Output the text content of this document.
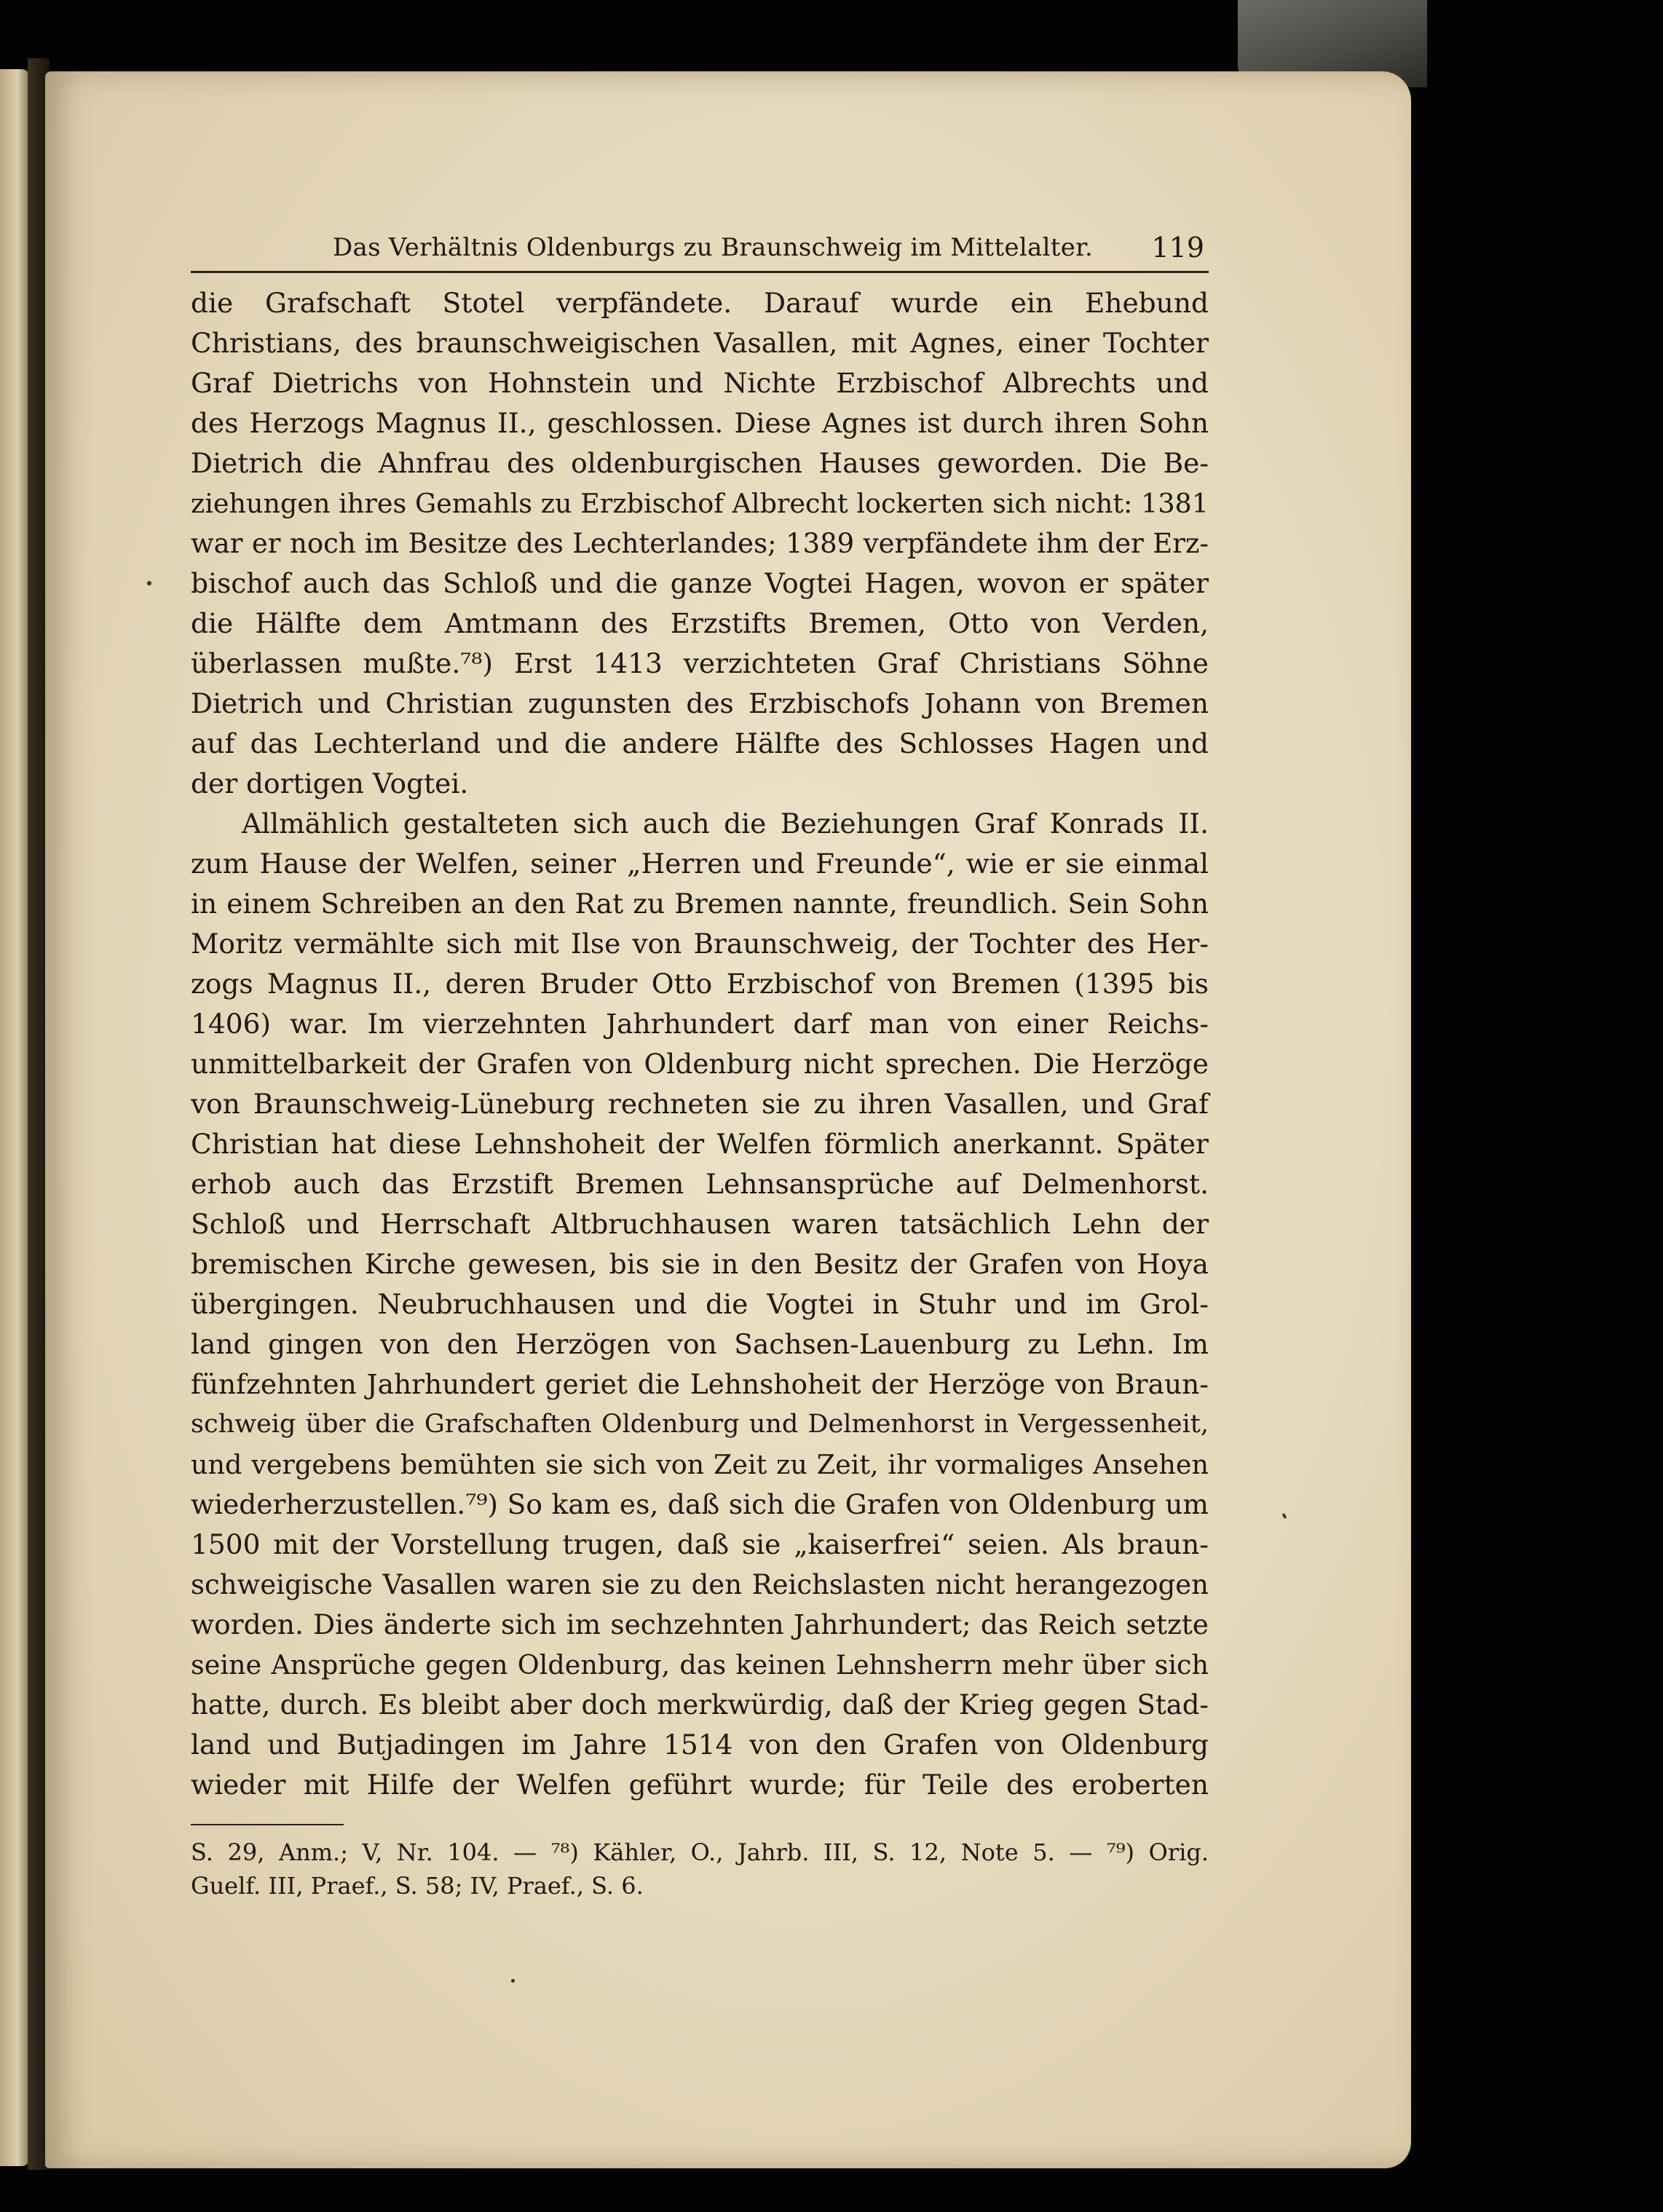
Das Verhältnis Oldenburgs zu Braunschweig im Mittelalter. 119
die Grafschaft Stotel verpfändete. Darauf wurde ein Ehebund
Christians, des braunschweigischen Vasallen, mit Agnes, einer Tochter
Graf Dietrichs von Hohnstein und Nichte Erzbischof Albrechts und
des Herzogs Magnus II., geschlossen. Diese Agnes ist durch ihren Sohn
Dietrich die Ahnfrau des oldenburgischen Hauses geworden. Die Be-
ziehungen ihres Gemahls zu Erzbischof Albrecht lockerten sich nicht: 1381
war er noch im Besitze des Lechterlandes; 1389 verpfändete ihm der Erz-
bischof auch das Schloß und die ganze Vogtei Hagen, wovon er später
die Hälfte dem Amtmann des Erzstifts Bremen, Otto von Verden,
überlassen mußte.⁷⁸) Erst 1413 verzichteten Graf Christians Söhne
Dietrich und Christian zugunsten des Erzbischofs Johann von Bremen
auf das Lechterland und die andere Hälfte des Schlosses Hagen und
der dortigen Vogtei.
Allmählich gestalteten sich auch die Beziehungen Graf Konrads II.
zum Hause der Welfen, seiner „Herren und Freunde“, wie er sie einmal
in einem Schreiben an den Rat zu Bremen nannte, freundlich. Sein Sohn
Moritz vermählte sich mit Ilse von Braunschweig, der Tochter des Her-
zogs Magnus II., deren Bruder Otto Erzbischof von Bremen (1395 bis
1406) war. Im vierzehnten Jahrhundert darf man von einer Reichs-
unmittelbarkeit der Grafen von Oldenburg nicht sprechen. Die Herzöge
von Braunschweig-Lüneburg rechneten sie zu ihren Vasallen, und Graf
Christian hat diese Lehnshoheit der Welfen förmlich anerkannt. Später
erhob auch das Erzstift Bremen Lehnsansprüche auf Delmenhorst.
Schloß und Herrschaft Altbruchhausen waren tatsächlich Lehn der
bremischen Kirche gewesen, bis sie in den Besitz der Grafen von Hoya
übergingen. Neubruchhausen und die Vogtei in Stuhr und im Grol-
land gingen von den Herzögen von Sachsen-Lauenburg zu Lehn. Im
fünfzehnten Jahrhundert geriet die Lehnshoheit der Herzöge von Braun-
schweig über die Grafschaften Oldenburg und Delmenhorst in Vergessenheit,
und vergebens bemühten sie sich von Zeit zu Zeit, ihr vormaliges Ansehen
wiederherzustellen.⁷⁹) So kam es, daß sich die Grafen von Oldenburg um
1500 mit der Vorstellung trugen, daß sie „kaiserfrei“ seien. Als braun-
schweigische Vasallen waren sie zu den Reichslasten nicht herangezogen
worden. Dies änderte sich im sechzehnten Jahrhundert; das Reich setzte
seine Ansprüche gegen Oldenburg, das keinen Lehnsherrn mehr über sich
hatte, durch. Es bleibt aber doch merkwürdig, daß der Krieg gegen Stad-
land und Butjadingen im Jahre 1514 von den Grafen von Oldenburg
wieder mit Hilfe der Welfen geführt wurde; für Teile des eroberten
S. 29, Anm.; V, Nr. 104. — ⁷⁸) Kähler, O., Jahrb. III, S. 12, Note 5. — ⁷⁹) Orig.
Guelf. III, Praef., S. 58; IV, Praef., S. 6.
